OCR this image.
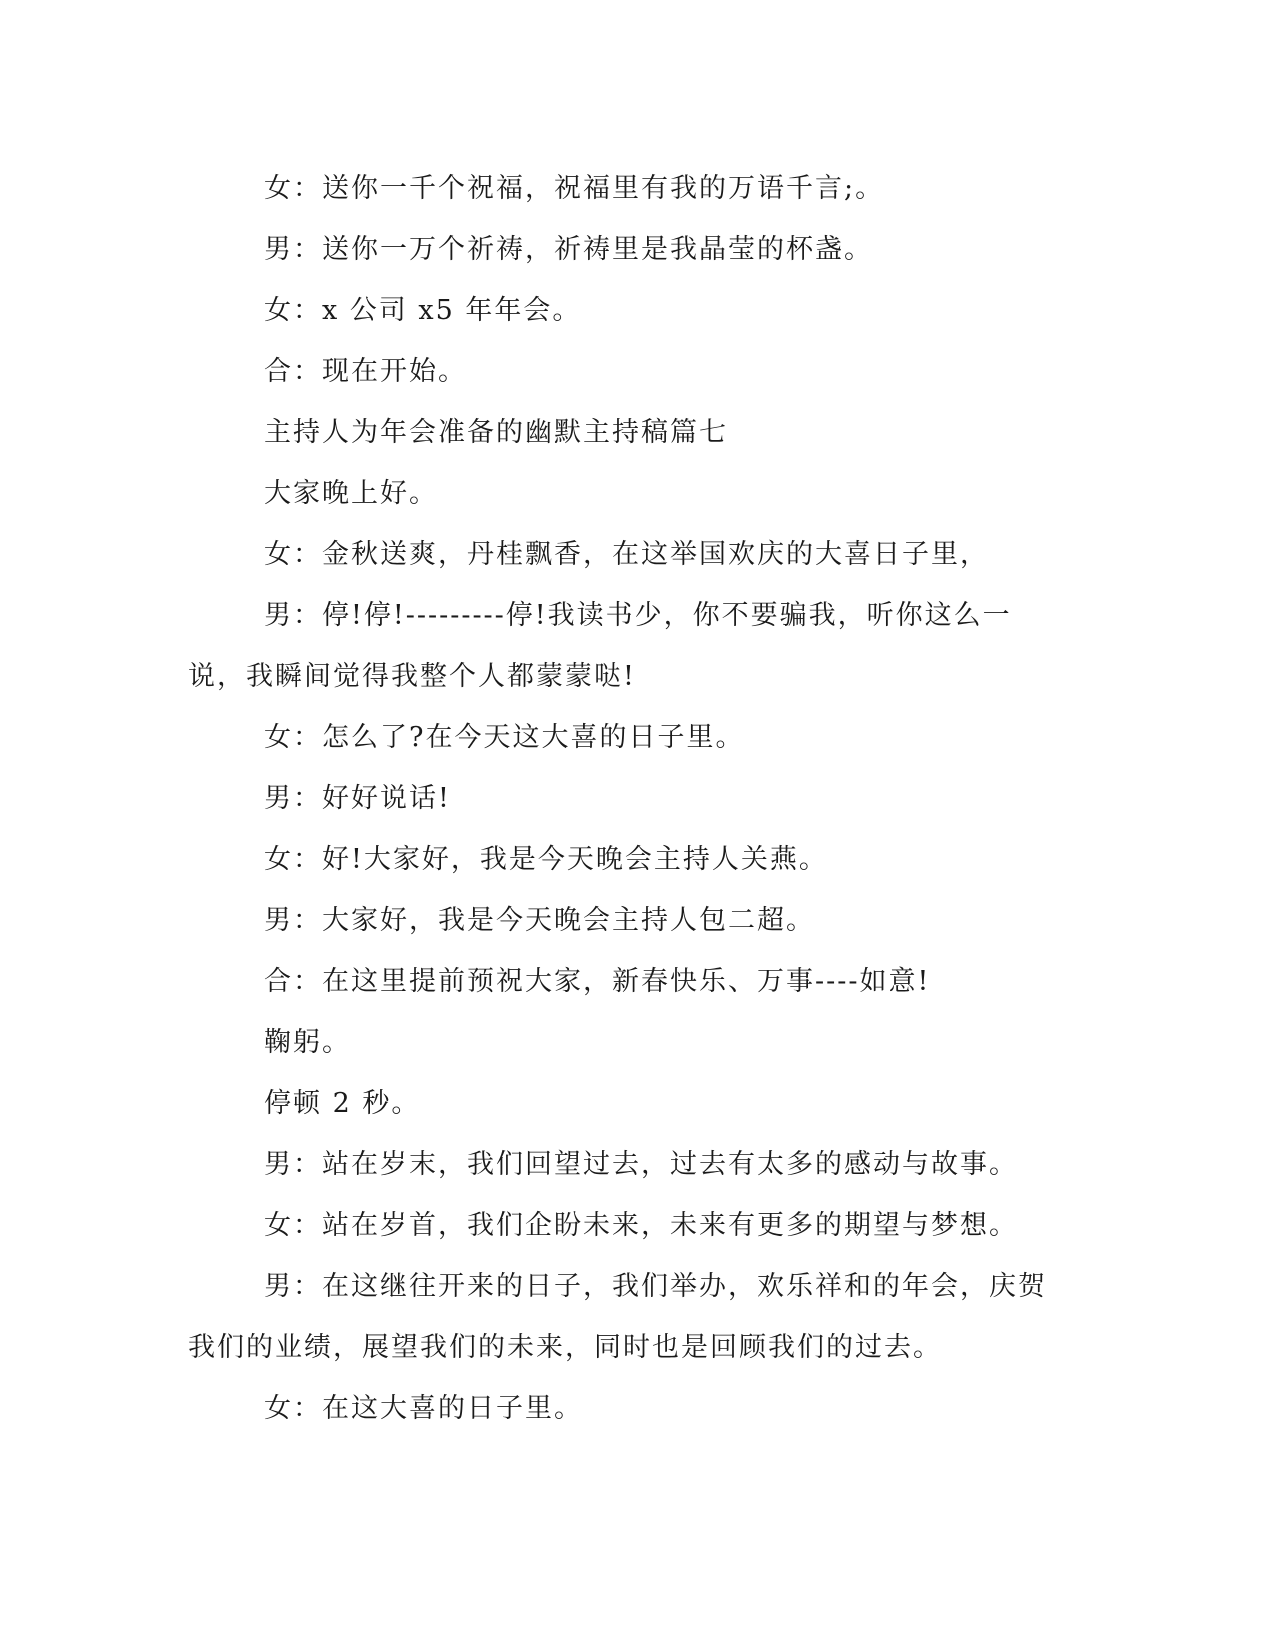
女：送你一千个祝福，祝福里有我的万语千言;。

男：送你一万个祈祷，祈祷里是我晶莹的杯盏。

女：x 公司 x5 年年会。

合：现在开始。

主持人为年会准备的幽默主持稿篇七

大家晚上好。

女：金秋送爽，丹桂飘香，在这举国欢庆的大喜日子里，

男：停!停!---------停!我读书少，你不要骗我，听你这么一说，我瞬间觉得我整个人都蒙蒙哒!

女：怎么了?在今天这大喜的日子里。

男：好好说话!

女：好!大家好，我是今天晚会主持人关燕。

男：大家好，我是今天晚会主持人包二超。

合：在这里提前预祝大家，新春快乐、万事----如意!

鞠躬。

停顿 2 秒。

男：站在岁末，我们回望过去，过去有太多的感动与故事。

女：站在岁首，我们企盼未来，未来有更多的期望与梦想。

男：在这继往开来的日子，我们举办，欢乐祥和的年会，庆贺我们的业绩，展望我们的未来，同时也是回顾我们的过去。

女：在这大喜的日子里。
